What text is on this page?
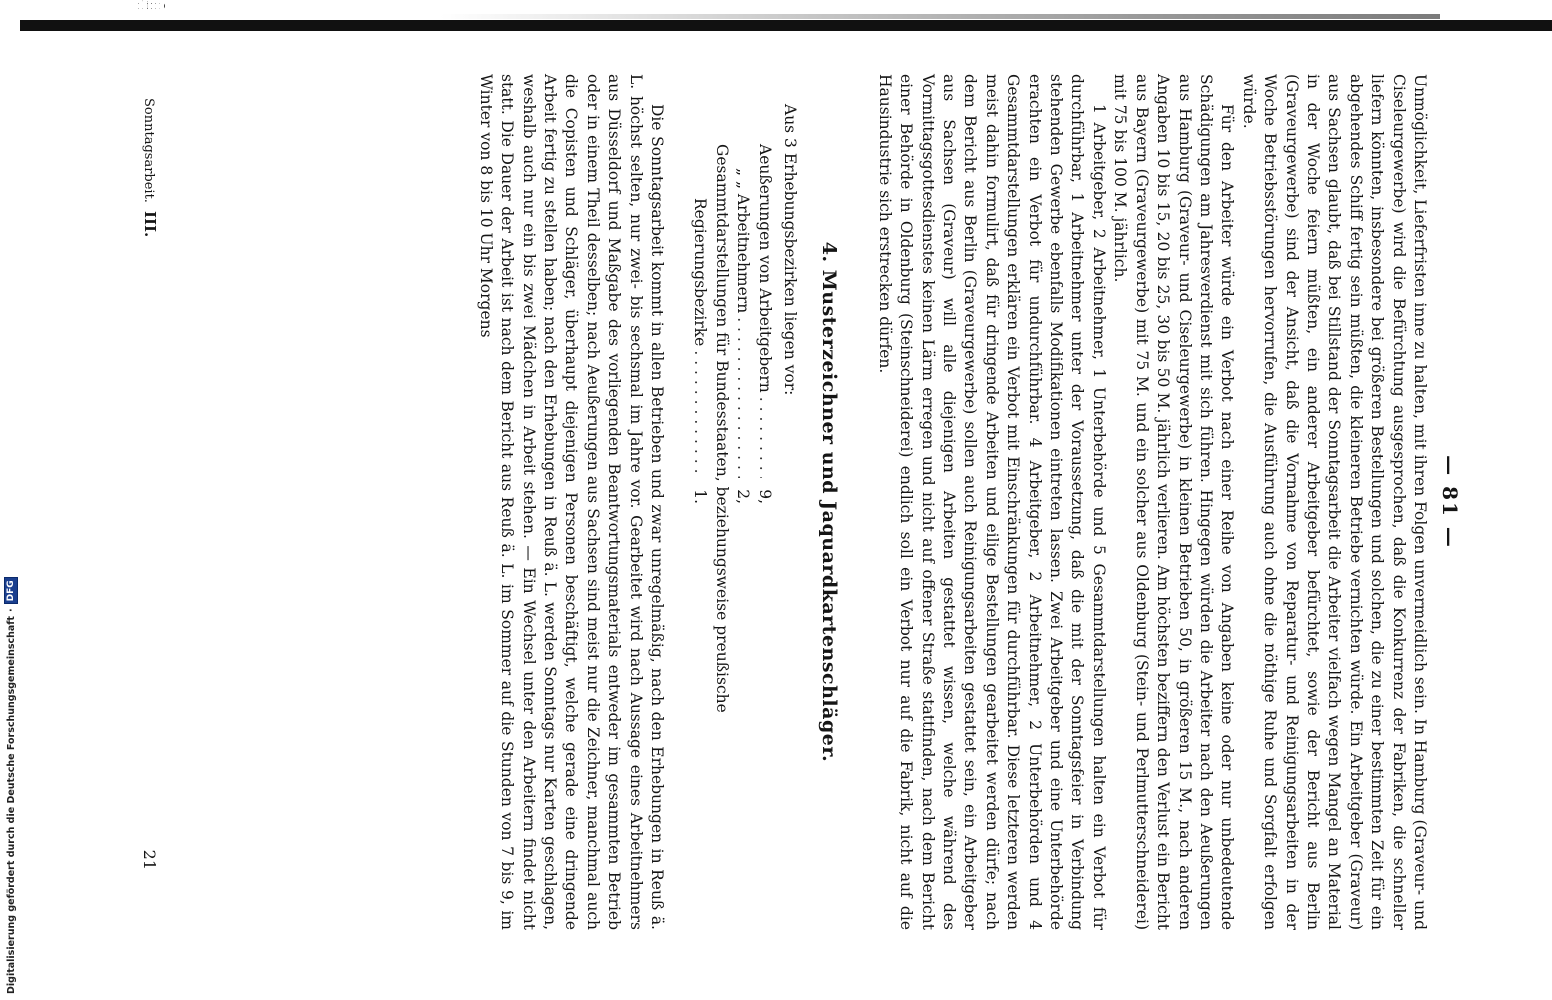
Digitalisierung gefördert durch die Deutsche Forschungsgemeinschaft
·
DFG
— 81 —

Unmöglichkeit, Lieferfristen inne zu halten, mit ihren Folgen unvermeidlich sein. In Hamburg (Graveur- und Ciseleurgewerbe) wird die Befürchtung ausgesprochen, daß die Konkurrenz der Fabriken, die schneller liefern könnten, insbesondere bei größeren Bestellungen und solchen, die zu einer bestimmten Zeit für ein abgehendes Schiff fertig sein müßten, die kleineren Betriebe vernichten würde. Ein Arbeitgeber (Graveur) aus Sachsen glaubt, daß bei Stillstand der Sonntagsarbeit die Arbeiter vielfach wegen Mangel an Material in der Woche feiern müßten, ein anderer Arbeitgeber befürchtet, sowie der Bericht aus Berlin (Graveurgewerbe) sind der Ansicht, daß die Vornahme von Reparatur- und Reinigungsarbeiten in der Woche Betriebsstörungen hervorrufen, die Ausführung auch ohne die nöthige Ruhe und Sorgfalt erfolgen würde.

Für den Arbeiter würde ein Verbot nach einer Reihe von Angaben keine oder nur unbedeutende Schädigungen am Jahresverdienst mit sich führen. Hingegen würden die Arbeiter nach den Aeußerungen aus Hamburg (Graveur- und Ciseleurgewerbe) in kleinen Betrieben 50, in größeren 15 M., nach anderen Angaben 10 bis 15, 20 bis 25, 30 bis 50 M. jährlich verlieren. Am höchsten beziffern den Verlust ein Bericht aus Bayern (Graveurgewerbe) mit 75 M. und ein solcher aus Oldenburg (Stein- und Perlmutterschneiderei) mit 75 bis 100 M. jährlich.

1 Arbeitgeber, 2 Arbeitnehmer, 1 Unterbehörde und 5 Gesammtdarstellungen halten ein Verbot für durchführbar, 1 Arbeitnehmer unter der Voraussetzung, daß die mit der Sonntagsfeier in Verbindung stehenden Gewerbe ebenfalls Modifikationen eintreten lassen. Zwei Arbeitgeber und eine Unterbehörde erachten ein Verbot für undurchführbar. 4 Arbeitgeber, 2 Arbeitnehmer, 2 Unterbehörden und 4 Gesammtdarstellungen erklären ein Verbot mit Einschränkungen für durchführbar. Diese letzteren werden meist dahin formulirt, daß für dringende Arbeiten und eilige Bestellungen gearbeitet werden dürfe; nach dem Bericht aus Berlin (Graveurgewerbe) sollen auch Reinigungsarbeiten gestattet sein, ein Arbeitgeber aus Sachsen (Graveur) will alle diejenigen Arbeiten gestattet wissen, welche während des Vormittagsgottesdienstes keinen Lärm erregen und nicht auf offener Straße stattfinden, nach dem Bericht einer Behörde in Oldenburg (Steinschneiderei) endlich soll ein Verbot nur auf die Fabrik, nicht auf die Hausindustrie sich erstrecken dürfen.

4. Musterzeichner und Jaquardkartenschläger.

Aus 3 Erhebungsbezirken liegen vor:

Aeußerungen von Arbeitgebern
. . .
9,
„ „ Arbeitnehmern
. . .
2,
Gesammtdarstellungen für Bundesstaaten, beziehungsweise preußische
Regierungsbezirke
. . .
1.

Die Sonntagsarbeit kommt in allen Betrieben und zwar unregelmäßig, nach den Erhebungen in Reuß ä. L. höchst selten, nur zwei- bis sechsmal im Jahre vor. Gearbeitet wird nach Aussage eines Arbeitnehmers aus Düsseldorf und Maßgabe des vorliegenden Beantwortungsmaterials entweder im gesammten Betrieb oder in einem Theil desselben; nach Aeußerungen aus Sachsen sind meist nur die Zeichner, manchmal auch die Copisten und Schläger, überhaupt diejenigen Personen beschäftigt, welche gerade eine dringende Arbeit fertig zu stellen haben; nach den Erhebungen in Reuß ä. L. werden Sonntags nur Karten geschlagen, weshalb auch nur ein bis zwei Mädchen in Arbeit stehen. — Ein Wechsel unter den Arbeitern findet nicht statt. Die Dauer der Arbeit ist nach dem Bericht aus Reuß ä. L. im Sommer auf die Stunden von 7 bis 9, im Winter von 8 bis 10 Uhr Morgens

Sonntagsarbeit.III.
21
